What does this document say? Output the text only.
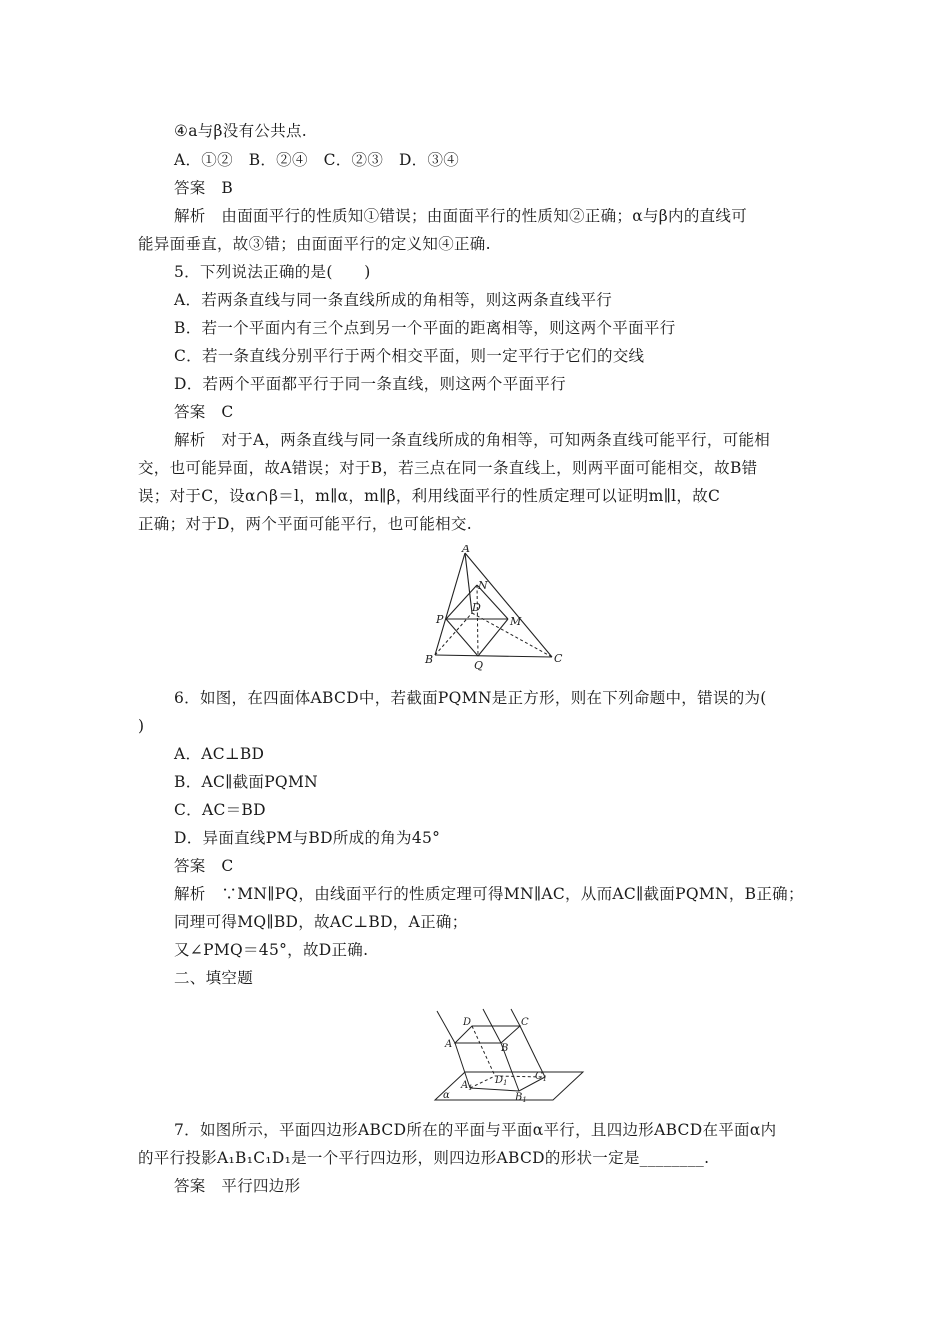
④a与β没有公共点.
A．①②　B．②④　C．②③　D．③④
答案　B
解析　由面面平行的性质知①错误；由面面平行的性质知②正确；α与β内的直线可
能异面垂直，故③错；由面面平行的定义知④正确.
5．下列说法正确的是(　　)
A．若两条直线与同一条直线所成的角相等，则这两条直线平行
B．若一个平面内有三个点到另一个平面的距离相等，则这两个平面平行
C．若一条直线分别平行于两个相交平面，则一定平行于它们的交线
D．若两个平面都平行于同一条直线，则这两个平面平行
答案　C
解析　对于A，两条直线与同一条直线所成的角相等，可知两条直线可能平行，可能相
交，也可能异面，故A错误；对于B，若三点在同一条直线上，则两平面可能相交，故B错
误；对于C，设α∩β＝l，m∥α，m∥β，利用线面平行的性质定理可以证明m∥l，故C
正确；对于D，两个平面可能平行，也可能相交.
A
N
D
P	M
B	Q
C
6．如图，在四面体ABCD中，若截面PQMN是正方形，则在下列命题中，错误的为(
)
A．AC⊥BD
B．AC∥截面PQMN
C．AC＝BD
D．异面直线PM与BD所成的角为45°
答案　C
解析　∵MN∥PQ，由线面平行的性质定理可得MN∥AC，从而AC∥截面PQMN，B正确；
同理可得MQ∥BD，故AC⊥BD，A正确；
又∠PMQ＝45°，故D正确.
二、填空题
A
D	C
B
$A_1$
$D_1$
$C_1$
$B_1$
α
7．如图所示，平面四边形ABCD所在的平面与平面α平行，且四边形ABCD在平面α内
的平行投影A₁B₁C₁D₁是一个平行四边形，则四边形ABCD的形状一定是________.
答案　平行四边形
